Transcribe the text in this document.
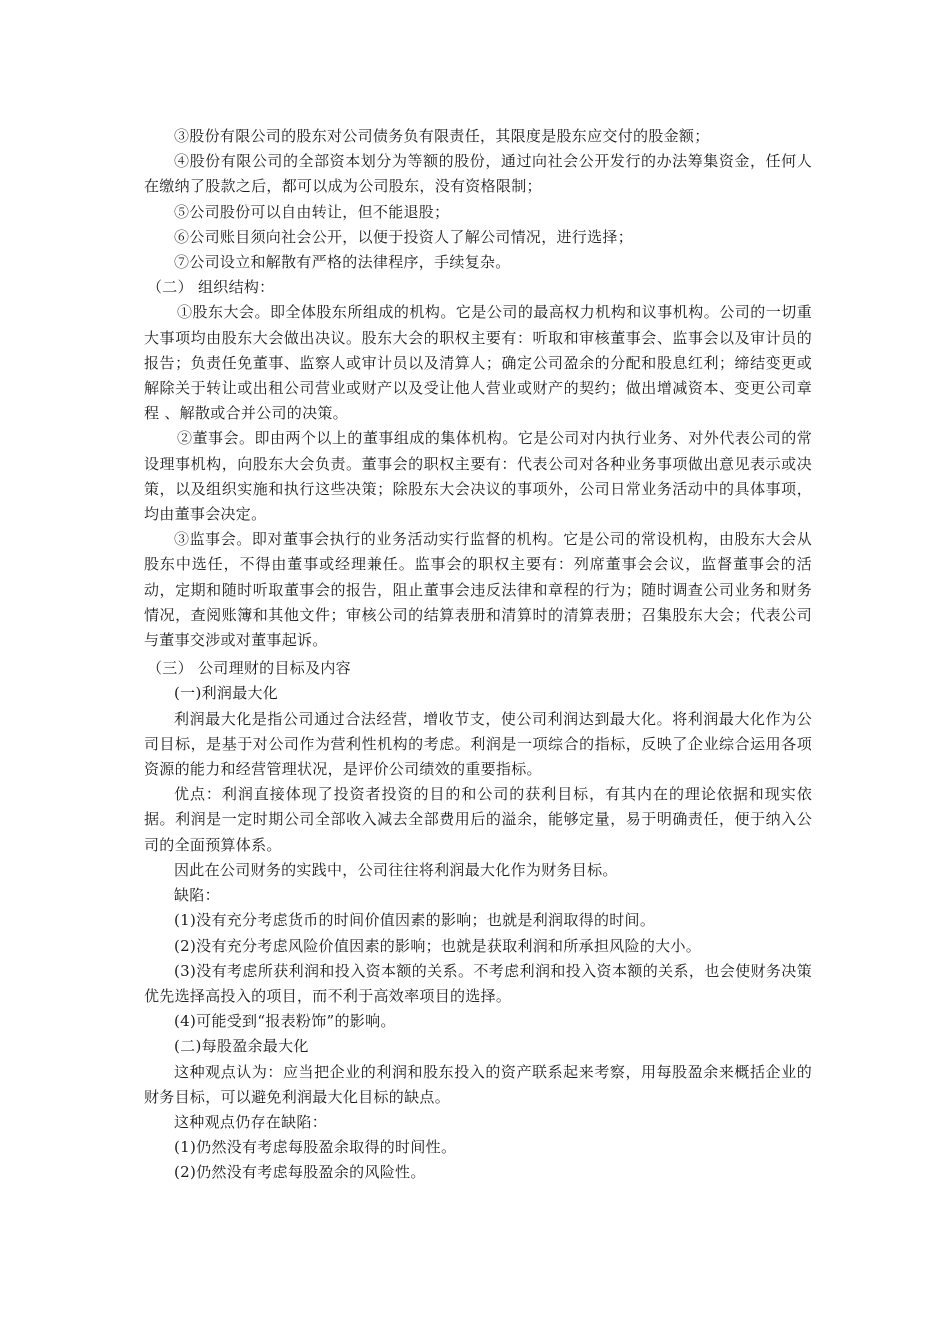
③股份有限公司的股东对公司债务负有限责任，其限度是股东应交付的股金额；

④股份有限公司的全部资本划分为等额的股份，通过向社会公开发行的办法筹集资金，任何人在缴纳了股款之后，都可以成为公司股东，没有资格限制；

⑤公司股份可以自由转让，但不能退股；

⑥公司账目须向社会公开，以便于投资人了解公司情况，进行选择；

⑦公司设立和解散有严格的法律程序，手续复杂。

（二） 组织结构：

①股东大会。即全体股东所组成的机构。它是公司的最高权力机构和议事机构。公司的一切重大事项均由股东大会做出决议。股东大会的职权主要有：听取和审核董事会、监事会以及审计员的报告；负责任免董事、监察人或审计员以及清算人；确定公司盈余的分配和股息红利；缔结变更或解除关于转让或出租公司营业或财产以及受让他人营业或财产的契约；做出增减资本、变更公司章程 、解散或合并公司的决策。

②董事会。即由两个以上的董事组成的集体机构。它是公司对内执行业务、对外代表公司的常设理事机构，向股东大会负责。董事会的职权主要有：代表公司对各种业务事项做出意见表示或决策，以及组织实施和执行这些决策；除股东大会决议的事项外，公司日常业务活动中的具体事项，均由董事会决定。

③监事会。即对董事会执行的业务活动实行监督的机构。它是公司的常设机构，由股东大会从股东中选任，不得由董事或经理兼任。监事会的职权主要有：列席董事会会议，监督董事会的活动，定期和随时听取董事会的报告，阻止董事会违反法律和章程的行为；随时调查公司业务和财务情况，查阅账簿和其他文件；审核公司的结算表册和清算时的清算表册；召集股东大会；代表公司与董事交涉或对董事起诉。

（三） 公司理财的目标及内容

(一)利润最大化

利润最大化是指公司通过合法经营，增收节支，使公司利润达到最大化。将利润最大化作为公司目标，是基于对公司作为营利性机构的考虑。利润是一项综合的指标，反映了企业综合运用各项资源的能力和经营管理状况，是评价公司绩效的重要指标。

优点：利润直接体现了投资者投资的目的和公司的获利目标，有其内在的理论依据和现实依据。利润是一定时期公司全部收入减去全部费用后的溢余，能够定量，易于明确责任，便于纳入公司的全面预算体系。

因此在公司财务的实践中，公司往往将利润最大化作为财务目标。

缺陷：

(1)没有充分考虑货币的时间价值因素的影响；也就是利润取得的时间。

(2)没有充分考虑风险价值因素的影响；也就是获取利润和所承担风险的大小。

(3)没有考虑所获利润和投入资本额的关系。不考虑利润和投入资本额的关系，也会使财务决策优先选择高投入的项目，而不利于高效率项目的选择。

(4)可能受到“报表粉饰”的影响。

(二)每股盈余最大化

这种观点认为：应当把企业的利润和股东投入的资产联系起来考察，用每股盈余来概括企业的财务目标，可以避免利润最大化目标的缺点。

这种观点仍存在缺陷：

(1)仍然没有考虑每股盈余取得的时间性。

(2)仍然没有考虑每股盈余的风险性。
